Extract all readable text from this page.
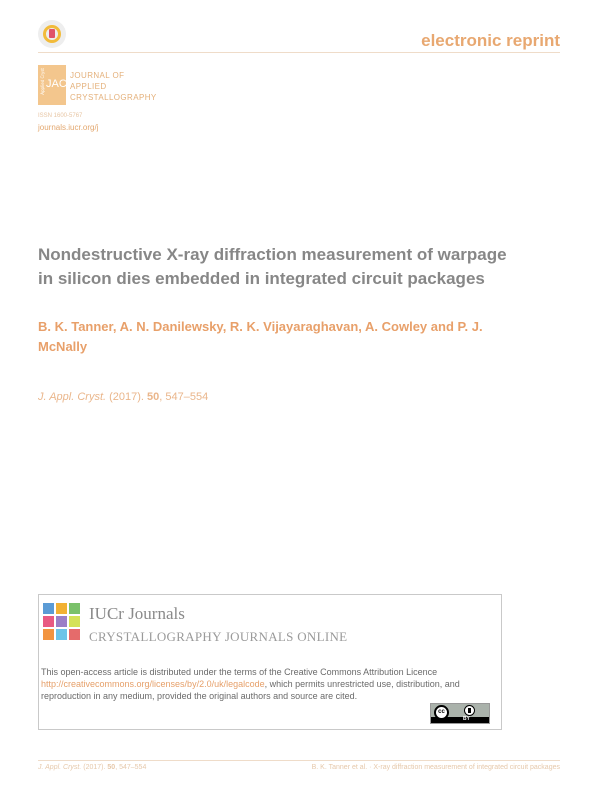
electronic reprint
Applied Cryst JAC
JOURNAL OF
APPLIED
CRYSTALLOGRAPHY
ISSN 1600-5767
journals.iucr.org/j
Nondestructive X-ray diffraction measurement of warpage in silicon dies embedded in integrated circuit packages
B. K. Tanner, A. N. Danilewsky, R. K. Vijayaraghavan, A. Cowley and P. J. McNally
J. Appl. Cryst. (2017). 50, 547–554
IUCr Journals
CRYSTALLOGRAPHY JOURNALS ONLINE
This open-access article is distributed under the terms of the Creative Commons Attribution Licence http://creativecommons.org/licenses/by/2.0/uk/legalcode, which permits unrestricted use, distribution, and reproduction in any medium, provided the original authors and source are cited.
cc
BY
J. Appl. Cryst. (2017). 50, 547–554	B. K. Tanner et al. · X-ray diffraction measurement of integrated circuit packages
